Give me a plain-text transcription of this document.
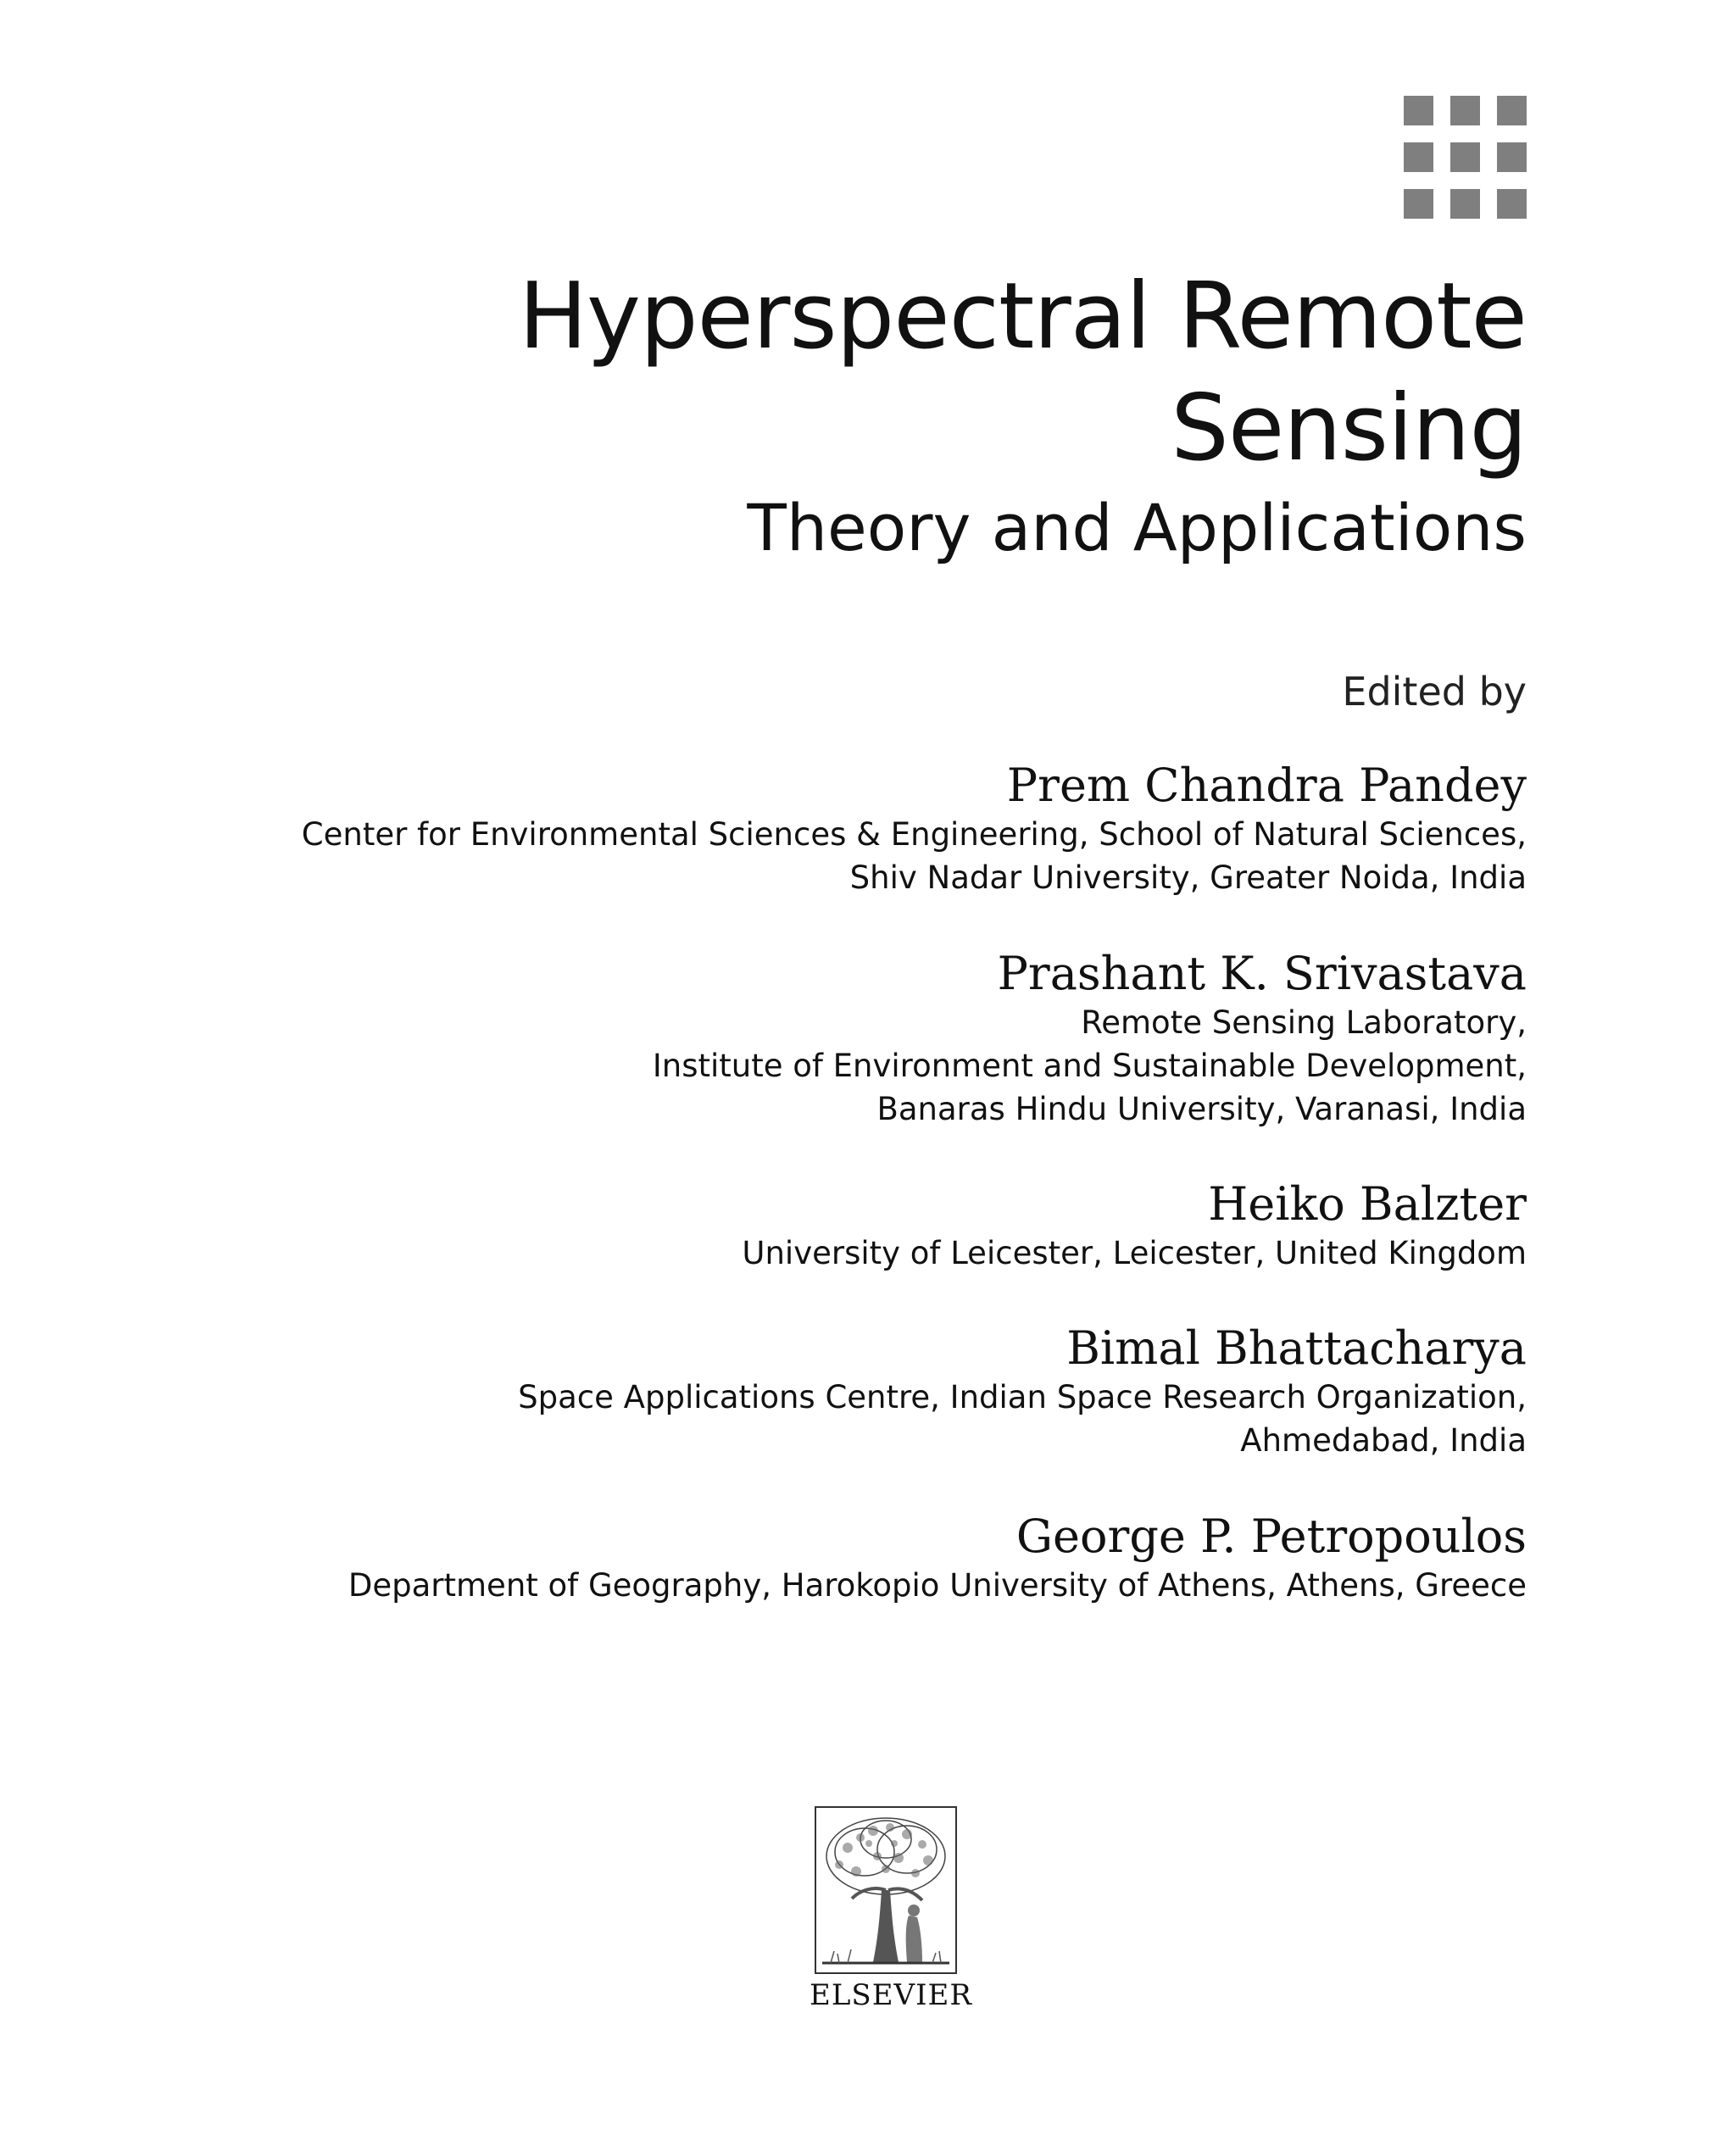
Hyperspectral Remote
Sensing
Theory and Applications
Edited by
Prem Chandra Pandey
Center for Environmental Sciences & Engineering, School of Natural Sciences,
Shiv Nadar University, Greater Noida, India
Prashant K. Srivastava
Remote Sensing Laboratory,
Institute of Environment and Sustainable Development,
Banaras Hindu University, Varanasi, India
Heiko Balzter
University of Leicester, Leicester, United Kingdom
Bimal Bhattacharya
Space Applications Centre, Indian Space Research Organization,
Ahmedabad, India
George P. Petropoulos
Department of Geography, Harokopio University of Athens, Athens, Greece
ELSEVIER
